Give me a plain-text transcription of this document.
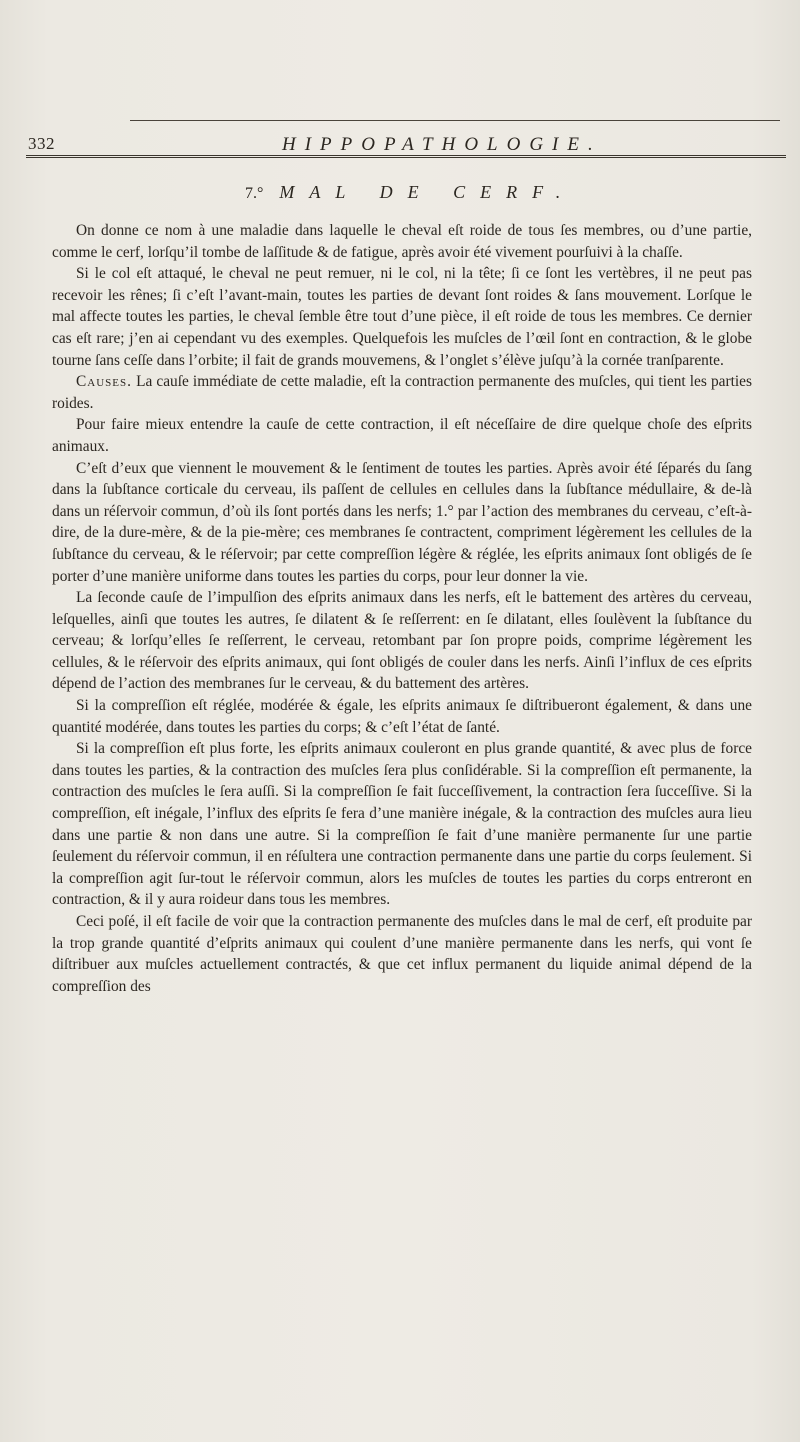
332	HIPPOPATHOLOGIE.
7.° MAL DE CERF.

On donne ce nom à une maladie dans laquelle le cheval eſt roide de tous ſes membres, ou d’une partie, comme le cerf, lorſqu’il tombe de laſſitude & de fatigue, après avoir été vivement pourſuivi à la chaſſe.

Si le col eſt attaqué, le cheval ne peut remuer, ni le col, ni la tête; ſi ce ſont les vertèbres, il ne peut pas recevoir les rênes; ſi c’eſt l’avant-main, toutes les parties de devant ſont roides & ſans mouvement. Lorſque le mal affecte toutes les parties, le cheval ſemble être tout d’une pièce, il eſt roide de tous les membres. Ce dernier cas eſt rare; j’en ai cependant vu des exemples. Quelquefois les muſcles de l’œil ſont en contraction, & le globe tourne ſans ceſſe dans l’orbite; il fait de grands mouvemens, & l’onglet s’élève juſqu’à la cornée tranſparente.

Causes. La cauſe immédiate de cette maladie, eſt la contraction permanente des muſcles, qui tient les parties roides.

Pour faire mieux entendre la cauſe de cette contraction, il eſt néceſſaire de dire quelque choſe des eſprits animaux.

C’eſt d’eux que viennent le mouvement & le ſentiment de toutes les parties. Après avoir été ſéparés du ſang dans la ſubſtance corticale du cerveau, ils paſſent de cellules en cellules dans la ſubſtance médullaire, & de-là dans un réſervoir commun, d’où ils ſont portés dans les nerfs; 1.° par l’action des membranes du cerveau, c’eſt-à-dire, de la dure-mère, & de la pie-mère; ces membranes ſe contractent, compriment légèrement les cellules de la ſubſtance du cerveau, & le réſervoir; par cette compreſſion légère & réglée, les eſprits animaux ſont obligés de ſe porter d’une manière uniforme dans toutes les parties du corps, pour leur donner la vie.

La ſeconde cauſe de l’impulſion des eſprits animaux dans les nerfs, eſt le battement des artères du cerveau, leſquelles, ainſi que toutes les autres, ſe dilatent & ſe reſſerrent: en ſe dilatant, elles ſoulèvent la ſubſtance du cerveau; & lorſqu’elles ſe reſſerrent, le cerveau, retombant par ſon propre poids, comprime légèrement les cellules, & le réſervoir des eſprits animaux, qui ſont obligés de couler dans les nerfs. Ainſi l’influx de ces eſprits dépend de l’action des membranes ſur le cerveau, & du battement des artères.

Si la compreſſion eſt réglée, modérée & égale, les eſprits animaux ſe diſtribueront également, & dans une quantité modérée, dans toutes les parties du corps; & c’eſt l’état de ſanté.

Si la compreſſion eſt plus forte, les eſprits animaux couleront en plus grande quantité, & avec plus de force dans toutes les parties, & la contraction des muſcles ſera plus conſidérable. Si la compreſſion eſt permanente, la contraction des muſcles le ſera auſſi. Si la compreſſion ſe fait ſucceſſivement, la contraction ſera ſucceſſive. Si la compreſſion, eſt inégale, l’influx des eſprits ſe fera d’une manière inégale, & la contraction des muſcles aura lieu dans une partie & non dans une autre. Si la compreſſion ſe fait d’une manière permanente ſur une partie ſeulement du réſervoir commun, il en réſultera une contraction permanente dans une partie du corps ſeulement. Si la compreſſion agit ſur-tout le réſervoir commun, alors les muſcles de toutes les parties du corps entreront en contraction, & il y aura roideur dans tous les membres.

Ceci poſé, il eſt facile de voir que la contraction permanente des muſcles dans le mal de cerf, eſt produite par la trop grande quantité d’eſprits animaux qui coulent d’une manière permanente dans les nerfs, qui vont ſe diſtribuer aux muſcles actuellement contractés, & que cet influx permanent du liquide animal dépend de la compreſſion des
